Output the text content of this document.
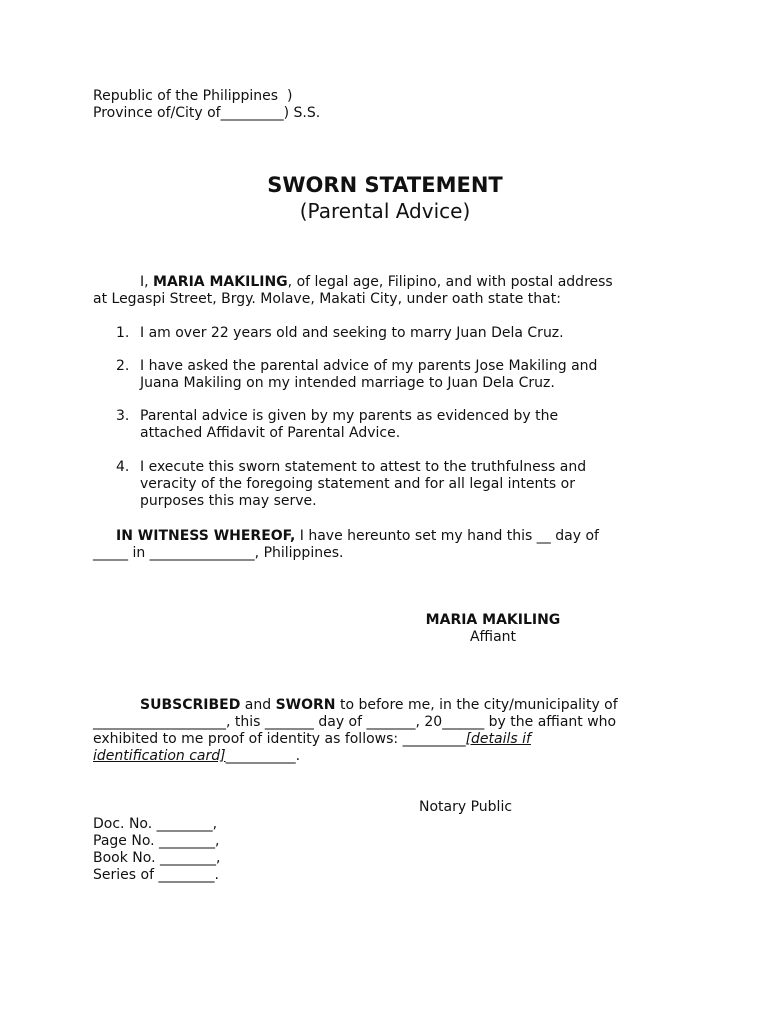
Republic of the Philippines  )
Province of/City of_________) S.S.
SWORN STATEMENT
(Parental Advice)
I, MARIA MAKILING, of legal age, Filipino, and with postal address
at Legaspi Street, Brgy. Molave, Makati City, under oath state that:
1. I am over 22 years old and seeking to marry Juan Dela Cruz.
2. I have asked the parental advice of my parents Jose Makiling and
Juana Makiling on my intended marriage to Juan Dela Cruz.
3. Parental advice is given by my parents as evidenced by the
attached Affidavit of Parental Advice.
4. I execute this sworn statement to attest to the truthfulness and
veracity of the foregoing statement and for all legal intents or
purposes this may serve.
IN WITNESS WHEREOF, I have hereunto set my hand this __ day of
_____ in _______________, Philippines.
MARIA MAKILING
Affiant
SUBSCRIBED and SWORN to before me, in the city/municipality of
___________________, this _______ day of _______, 20______ by the affiant who
exhibited to me proof of identity as follows: _________[details if
identification card]__________.
Notary Public
Doc. No. ________,
Page No. ________,
Book No. ________,
Series of ________.
